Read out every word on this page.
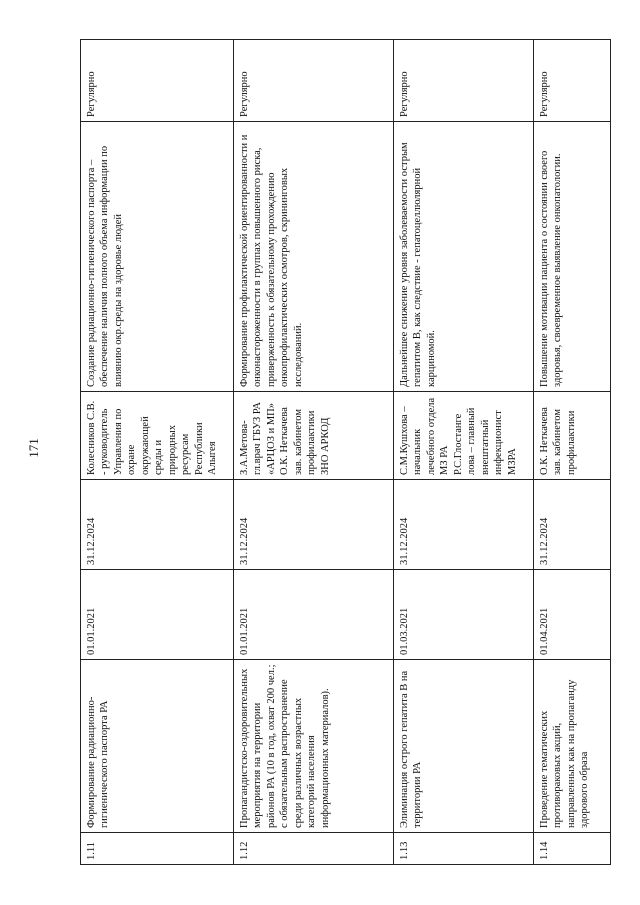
171
1.11	Формирование радиационно-гигиенического паспорта РА	01.01.2021	31.12.2024	Колесников С.В. - руководитель Управления по охране окружающей среды и природных ресурсам Республики Алыгея	Создание радиационно-гигиенического паспорта – обеспечение наличия полного объема информации по влиянию окр.среды на здоровье людей	Регулярно
1.12	Пропагандистско-оздоровительных мероприятия на территории районов РА (10 в год, охват 200 чел.; с обязательным распространение среди различных возрастных категорий населения информационных материалов).	01.01.2021	31.12.2024	З.А.Метова-гл.врач ГБУЗ РА «АРЦОЗ и МП» О.К. Неткачева зав. кабинетом профилактики ЗНО АРКОД	Формирование профилактической ориентированности и онконастороженности в группах повышенного риска, приверженность к обязательному прохождению онкопрофилактических осмотров, скрининговых исследований.	Регулярно
1.13	Элиминация острого гепатита В на территории РА	01.03.2021	31.12.2024	С.М.Кушхова – начальник лечебного отдела МЗ РА Р.С.Глостанге лова – главный внештатный инфекционист МЗРА	Дальнейшее снижение уровня заболеваемости острым гепатитом В, как следствие - гепатоцеллюлярной карциномой.	Регулярно
1.14	Проведение тематических противораковых акций, направленных как на пропаганду здорового образа	01.04.2021	31.12.2024	О.К. Неткачева зав. кабинетом профилактики	Повышение мотивации пациента о состоянии своего здоровья, своевременное выявление онкопатологии.	Регулярно
